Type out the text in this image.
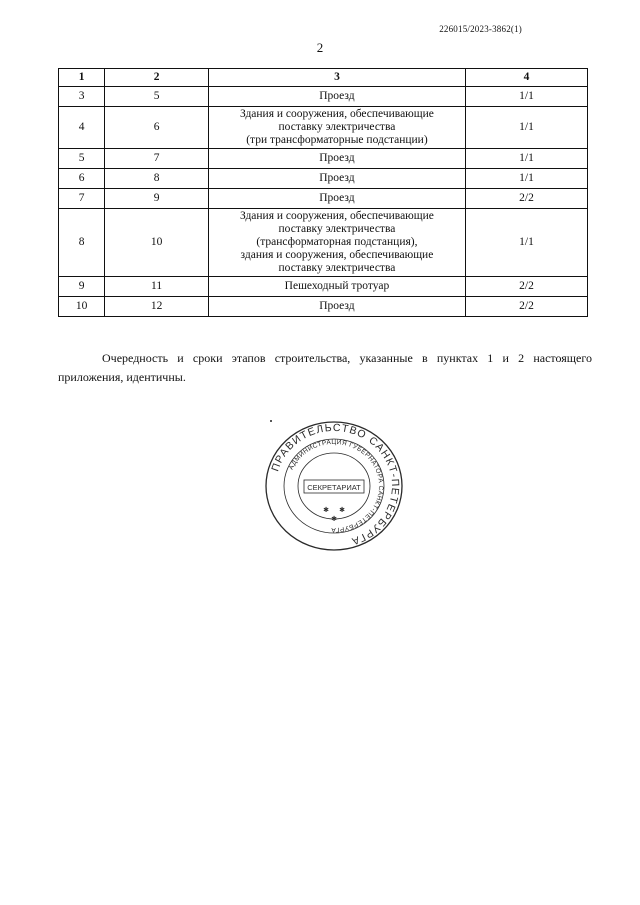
226015/2023-3862(1)
2
1	2	3	4
3	5	Проезд	1/1
4	6	Здания и сооружения, обеспечивающие
поставку электричества
(три трансформаторные подстанции)	1/1
5	7	Проезд	1/1
6	8	Проезд	1/1
7	9	Проезд	2/2
8	10	Здания и сооружения, обеспечивающие
поставку электричества
(трансформаторная подстанция),
здания и сооружения, обеспечивающие
поставку электричества	1/1
9	11	Пешеходный тротуар	2/2
10	12	Проезд	2/2

Очередность и сроки этапов строительства, указанные в пунктах 1 и 2 настоящего приложения, идентичны.

ПРАВИТЕЛЬСТВО САНКТ-ПЕТЕРБУРГА
АДМИНИСТРАЦИЯ ГУБЕРНАТОРА САНКТ-ПЕТЕРБУРГА
СЕКРЕТАРИАТ
✱ ✱
✱
